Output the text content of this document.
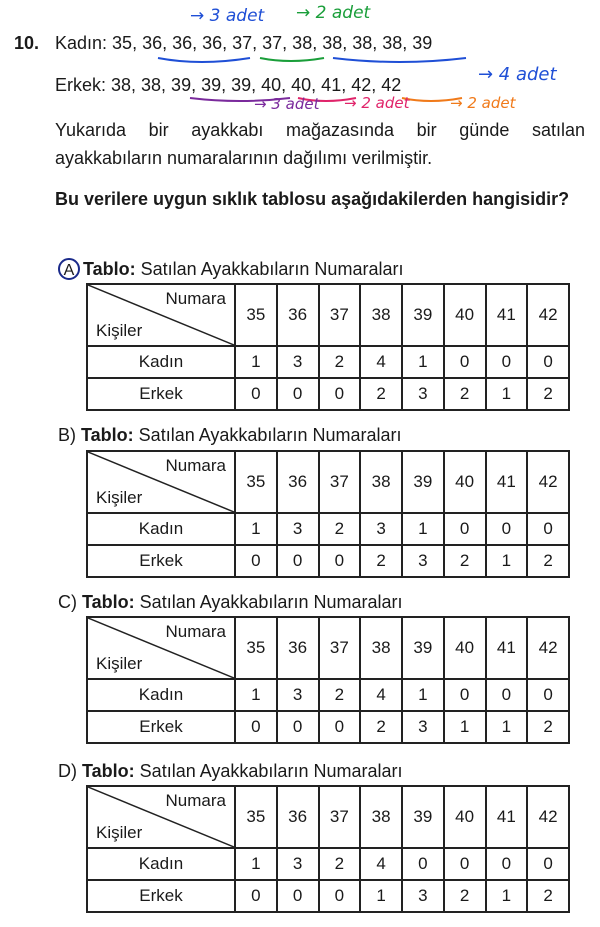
10. Kadın: 35, 36, 36, 36, 37, 37, 38, 38, 38, 38, 39
Erkek: 38, 38, 39, 39, 39, 40, 40, 41, 42, 42
Yukarıda bir ayakkabı mağazasında bir günde satılan
ayakkabıların numaralarının dağılımı verilmiştir.
Bu verilere uygun sıklık tablosu aşağıdakilerden hangisidir?
→ 3 adet → 2 adet
→ 4 adet
→ 3 adet → 2 adet	→ 2 adet
A Tablo: Satılan Ayakkabıların Numaraları
B) Tablo: Satılan Ayakkabıların Numaraları
C) Tablo: Satılan Ayakkabıların Numaraları
D) Tablo: Satılan Ayakkabıların Numaraları
Numara
Kişiler	35	36	37	38	39	40	41	42
Kadın	1	3	2	4	1	0	0	0
Erkek	0	0	0	2	3	2	1	2
Numara
Kişiler	35	36	37	38	39	40	41	42
Kadın	1	3	2	3	1	0	0	0
Erkek	0	0	0	2	3	2	1	2
Numara
Kişiler	35	36	37	38	39	40	41	42
Kadın	1	3	2	4	1	0	0	0
Erkek	0	0	0	2	3	1	1	2
Numara
Kişiler	35	36	37	38	39	40	41	42
Kadın	1	3	2	4	0	0	0	0
Erkek	0	0	0	1	3	2	1	2
